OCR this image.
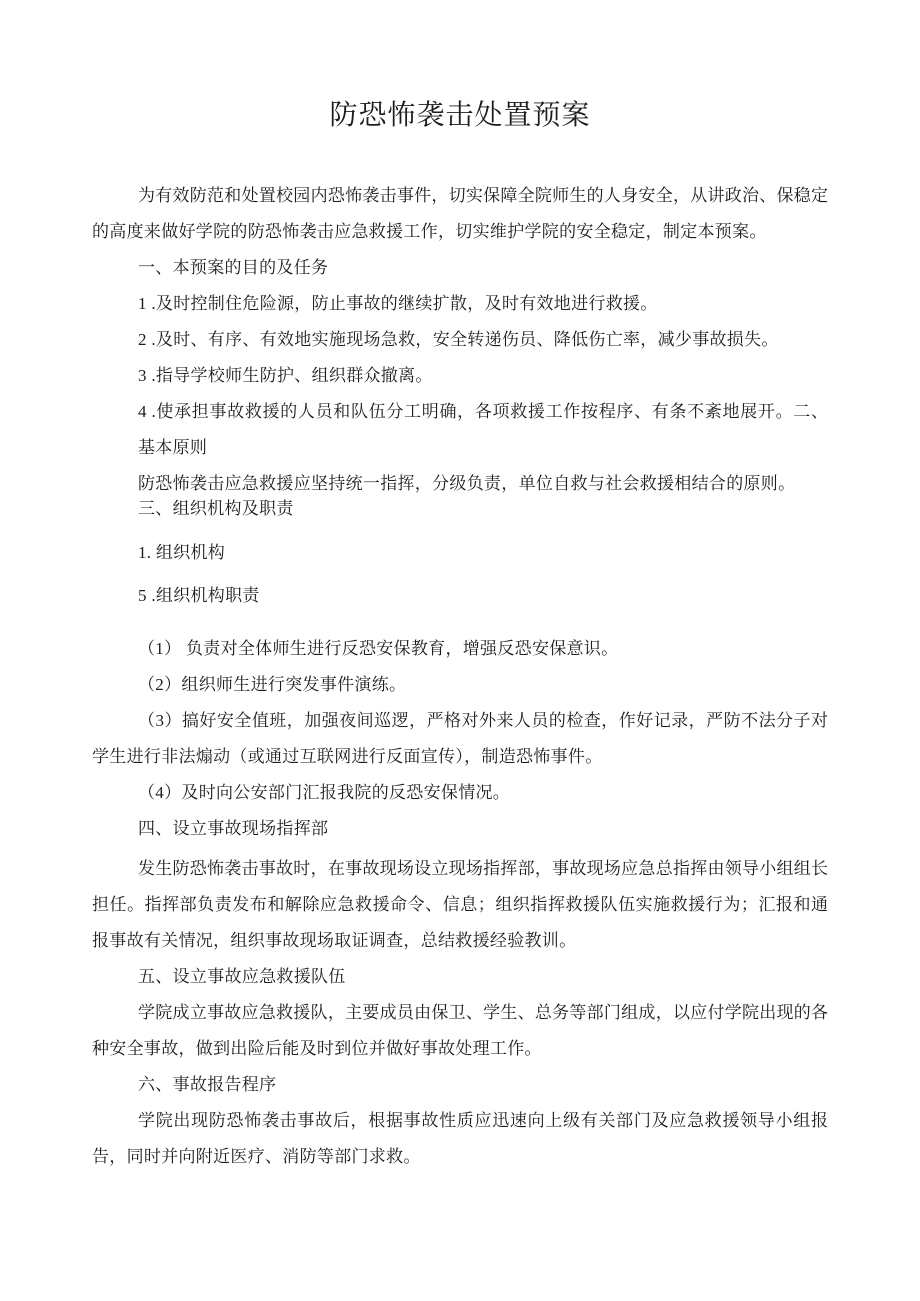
防恐怖袭击处置预案
为有效防范和处置校园内恐怖袭击事件，切实保障全院师生的人身安全，从讲政治、保稳定
的高度来做好学院的防恐怖袭击应急救援工作，切实维护学院的安全稳定，制定本预案。
一、本预案的目的及任务
1 .及时控制住危险源，防止事故的继续扩散，及时有效地进行救援。
2 .及时、有序、有效地实施现场急救，安全转递伤员、降低伤亡率，减少事故损失。
3 .指导学校师生防护、组织群众撤离。
4 .使承担事故救援的人员和队伍分工明确，各项救援工作按程序、有条不紊地展开。二、
基本原则
防恐怖袭击应急救援应坚持统一指挥，分级负责，单位自救与社会救援相结合的原则。
三、组织机构及职责
1. 组织机构
5 .组织机构职责
（1） 负责对全体师生进行反恐安保教育，增强反恐安保意识。
（2）组织师生进行突发事件演练。
（3）搞好安全值班，加强夜间巡逻，严格对外来人员的检查，作好记录，严防不法分子对
学生进行非法煽动（或通过互联网进行反面宣传），制造恐怖事件。
（4）及时向公安部门汇报我院的反恐安保情况。
四、设立事故现场指挥部
发生防恐怖袭击事故时，在事故现场设立现场指挥部，事故现场应急总指挥由领导小组组长
担任。指挥部负责发布和解除应急救援命令、信息；组织指挥救援队伍实施救援行为；汇报和通
报事故有关情况，组织事故现场取证调查，总结救援经验教训。
五、设立事故应急救援队伍
学院成立事故应急救援队，主要成员由保卫、学生、总务等部门组成，以应付学院出现的各
种安全事故，做到出险后能及时到位并做好事故处理工作。
六、事故报告程序
学院出现防恐怖袭击事故后，根据事故性质应迅速向上级有关部门及应急救援领导小组报
告，同时并向附近医疗、消防等部门求救。
